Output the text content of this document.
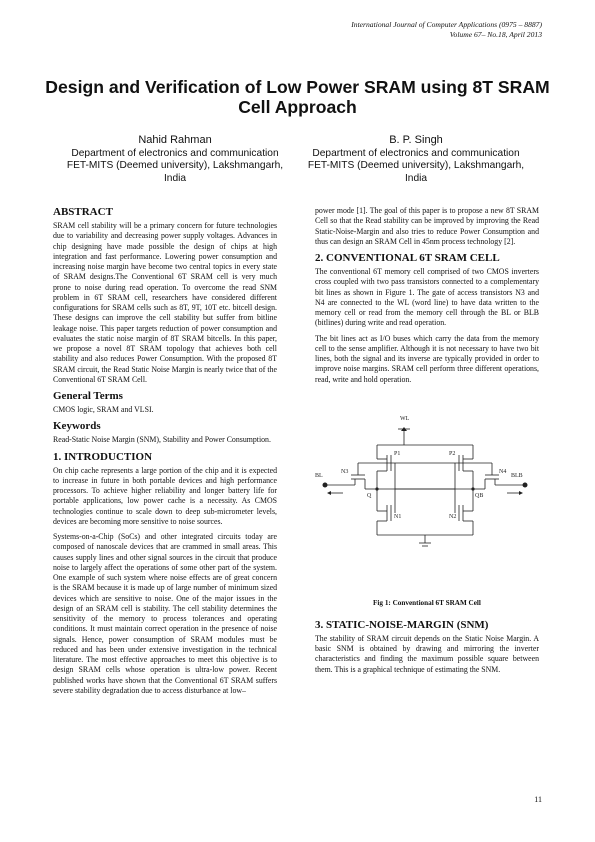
International Journal of Computer Applications (0975 – 8887)
Volume 67– No.18, April 2013
Design and Verification of Low Power SRAM using 8T SRAM Cell Approach
Nahid Rahman
Department of electronics and communication
FET-MITS (Deemed university), Lakshmangarh, India
B. P. Singh
Department of electronics and communication
FET-MITS (Deemed university), Lakshmangarh, India
ABSTRACT

SRAM cell stability will be a primary concern for future technologies due to variability and decreasing power supply voltages. Advances in chip designing have made possible the design of chips at high integration and fast performance. Lowering power consumption and increasing noise margin have become two central topics in every state of SRAM designs.The Conventional 6T SRAM cell is very much prone to noise during read operation. To overcome the read SNM problem in 6T SRAM cell, researchers have considered different configurations for SRAM cells such as 8T, 9T, 10T etc. bitcell design. These designs can improve the cell stability but suffer from bitline leakage noise. This paper targets reduction of power consumption and evaluates the static noise margin of 8T SRAM bitcells. In this paper, we propose a novel 8T SRAM topology that achieves both cell stability and also reduces Power Consumption. With the proposed 8T SRAM circuit, the Read Static Noise Margin is nearly twice that of the Conventional 6T SRAM Cell.

General Terms

CMOS logic, SRAM and VLSI.

Keywords

Read-Static Noise Margin (SNM), Stability and Power Consumption.

1. INTRODUCTION

On chip cache represents a large portion of the chip and it is expected to increase in future in both portable devices and high performance processors. To achieve higher reliability and longer battery life for portable applications, low power cache is a necessity. As CMOS technologies continue to scale down to deep sub-micrometer levels, devices are becoming more sensitive to noise sources.

Systems-on-a-Chip (SoCs) and other integrated circuits today are composed of nanoscale devices that are crammed in small areas. This causes supply lines and other signal sources in the circuit that produce noise to largely affect the operations of some other part of the system. One example of such system where noise effects are of great concern is the SRAM because it is made up of large number of minimum sized devices which are sensitive to noise. One of the major issues in the design of an SRAM cell is stability. The cell stability determines the sensitivity of the memory to process tolerances and operating conditions. It must maintain correct operation in the presence of noise signals. Hence, power consumption of SRAM modules must be reduced and has been under extensive investigation in the technical literature. The most effective approaches to meet this objective is to design SRAM cells whose operation is ultra-low power. Recent published works have shown that the Conventional 6T SRAM suffers severe stability degradation due to access disturbance at low–

power mode [1]. The goal of this paper is to propose a new 8T SRAM Cell so that the Read stability can be improved by improving the Read Static-Noise-Margin and also tries to reduce Power Consumption and thus can design an SRAM Cell in 45nm process technology [2].

2. CONVENTIONAL 6T SRAM CELL

The conventional 6T memory cell comprised of two CMOS inverters cross coupled with two pass transistors connected to a complementary bit lines as shown in Figure 1. The gate of access transistors N3 and N4 are connected to the WL (word line) to have data written to the memory cell or read from the memory cell through the BL or BLB (bitlines) during write and read operation.

The bit lines act as I/O buses which carry the data from the memory cell to the sense amplifier. Although it is not necessary to have two bit lines, both the signal and its inverse are typically provided in order to improve noise margins. SRAM cell perform three different operations, read, write and hold operation.

WL
BL	BLB
N3	N4
P1	P2
N1	N2
Q	QB
Fig 1: Conventional 6T SRAM Cell
3. STATIC-NOISE-MARGIN (SNM)

The stability of SRAM circuit depends on the Static Noise Margin. A basic SNM is obtained by drawing and mirroring the inverter characteristics and finding the maximum possible square between them. This is a graphical technique of estimating the SNM.

11
